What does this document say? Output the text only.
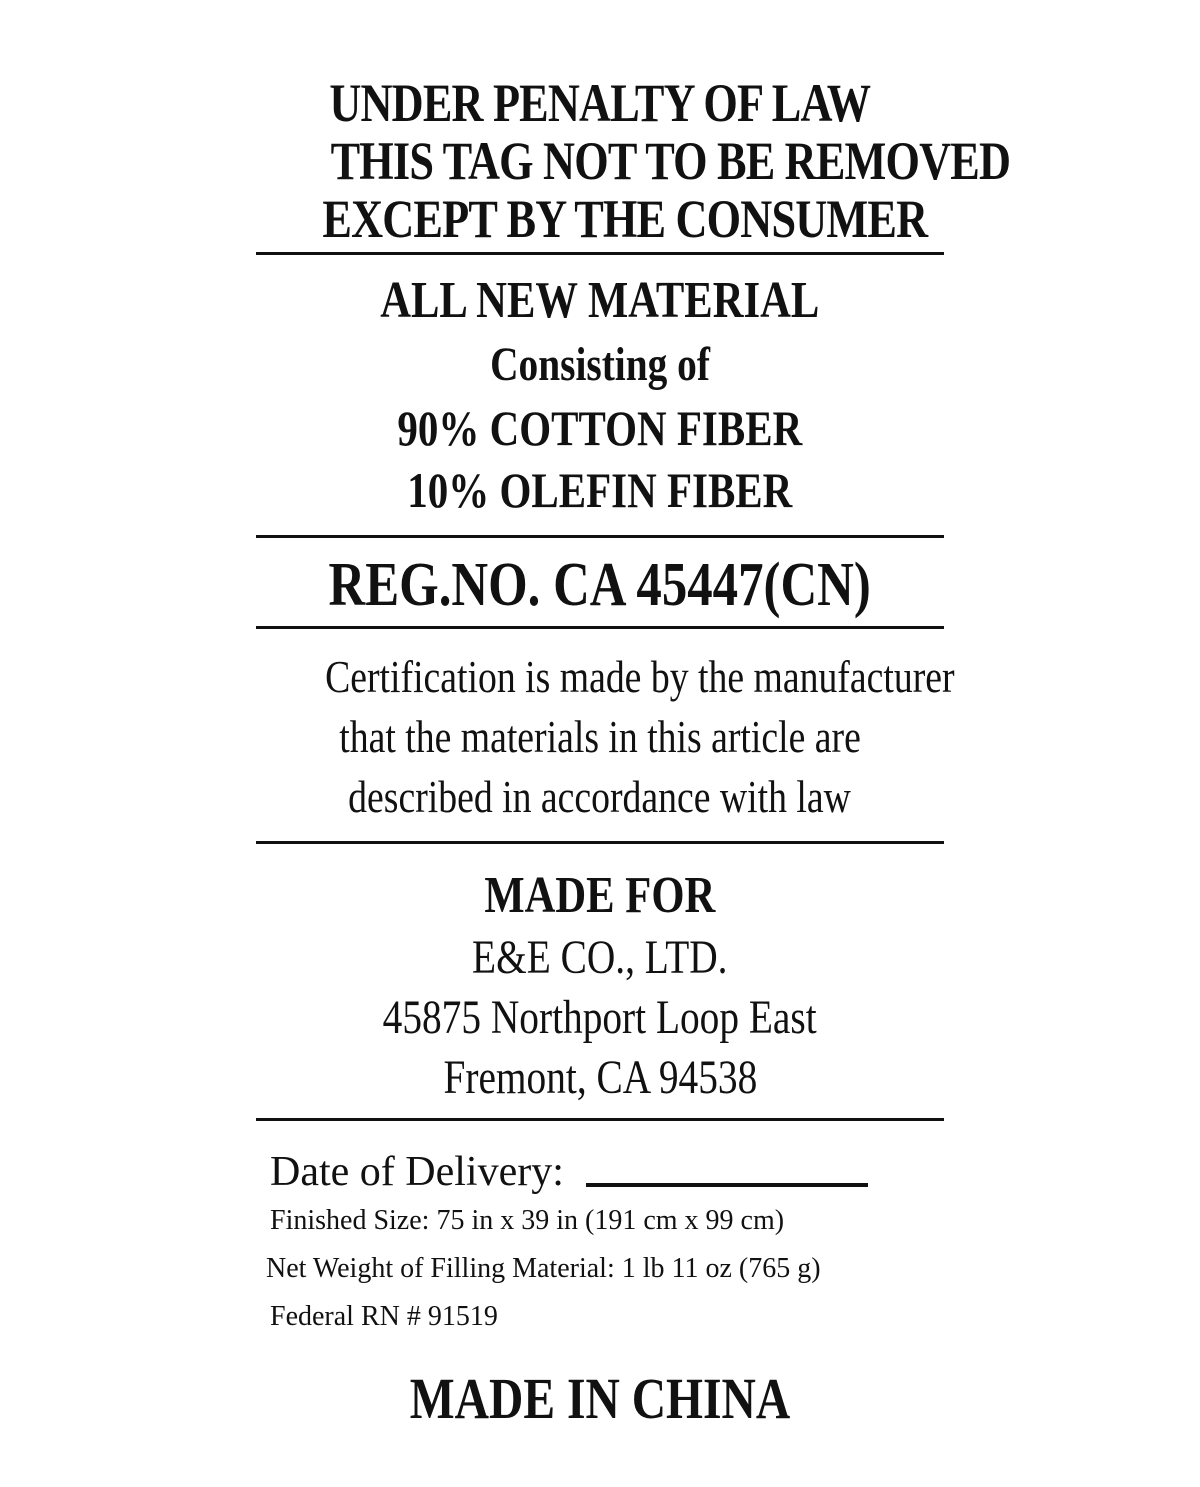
UNDER PENALTY OF LAW
THIS TAG NOT TO BE REMOVED
EXCEPT BY THE CONSUMER
ALL NEW MATERIAL
Consisting of
90% COTTON FIBER
10% OLEFIN FIBER
REG.NO. CA 45447(CN)
Certification is made by the manufacturer
that the materials in this article are
described in accordance with law
MADE FOR
E&E CO., LTD.
45875 Northport Loop East
Fremont, CA 94538
Date of Delivery:
Finished Size: 75 in x 39 in (191 cm x 99 cm)
Net Weight of Filling Material: 1 lb 11 oz (765 g)
Federal RN # 91519
MADE IN CHINA
